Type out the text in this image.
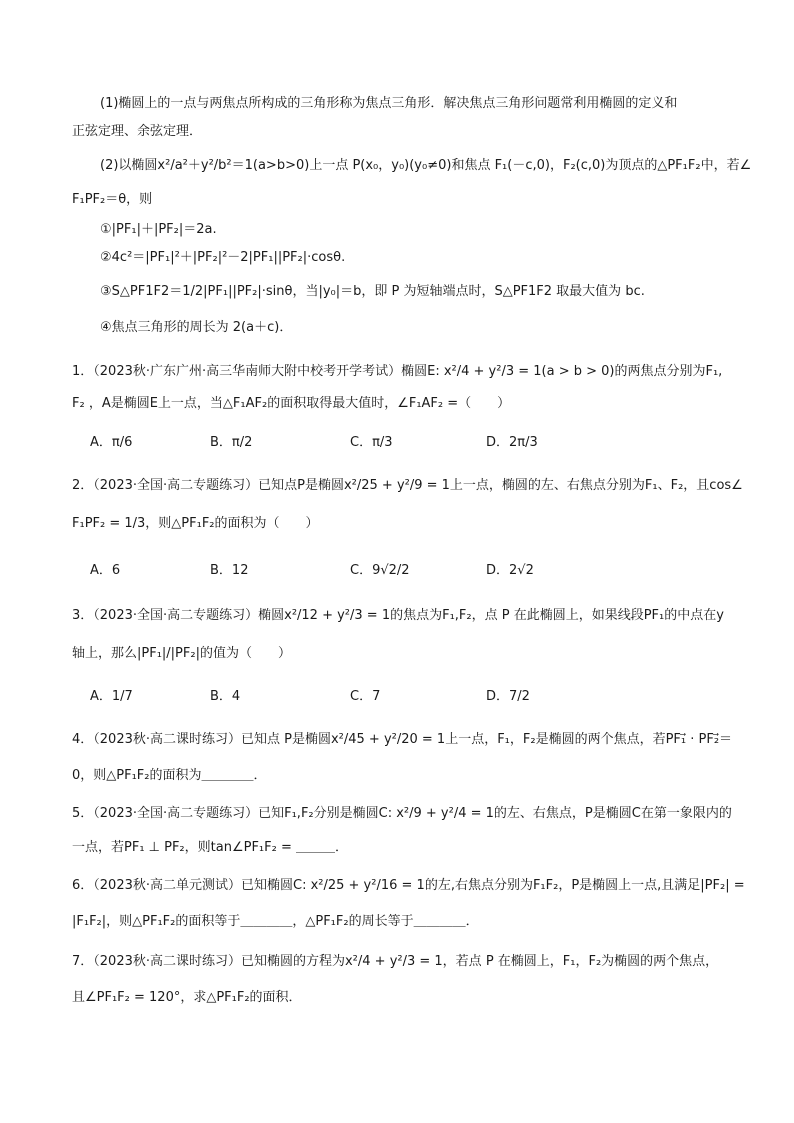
(1)椭圆上的一点与两焦点所构成的三角形称为焦点三角形．解决焦点三角形问题常利用椭圆的定义和
正弦定理、余弦定理．
(2)以椭圆x²/a²＋y²/b²＝1(a>b>0)上一点 P(x₀，y₀)(y₀≠0)和焦点 F₁(－c,0)，F₂(c,0)为顶点的△PF₁F₂中，若∠
F₁PF₂＝θ，则
①|PF₁|＋|PF₂|＝2a.
②4c²＝|PF₁|²＋|PF₂|²－2|PF₁||PF₂|·cosθ.
③S△PF1F2＝1/2|PF₁||PF₂|·sinθ，当|y₀|＝b，即 P 为短轴端点时，S△PF1F2 取最大值为 bc.
④焦点三角形的周长为 2(a＋c)．
1．（2023秋·广东广州·高三华南师大附中校考开学考试）椭圆E: x²/4 + y²/3 = 1(a > b > 0)的两焦点分别为F₁,
F₂ ，A是椭圆E上一点，当△F₁AF₂的面积取得最大值时，∠F₁AF₂ =（　　）
A．π/6	B．π/2	C．π/3	D．2π/3
2．（2023·全国·高二专题练习）已知点P是椭圆x²/25 + y²/9 = 1上一点，椭圆的左、右焦点分别为F₁、F₂，且cos∠
F₁PF₂ = 1/3，则△PF₁F₂的面积为（　　）
A．6	B．12	C．9√2/2	D．2√2
3．（2023·全国·高二专题练习）椭圆x²/12 + y²/3 = 1的焦点为F₁,F₂，点 P 在此椭圆上，如果线段PF₁的中点在y
轴上，那么|PF₁|/|PF₂|的值为（　　）
A．1/7	B．4	C．7	D．7/2
4．（2023秋·高二课时练习）已知点 P是椭圆x²/45 + y²/20 = 1上一点，F₁，F₂是椭圆的两个焦点，若PF₁⃗ · PF₂⃗＝
0，则△PF₁F₂的面积为＿＿＿＿．
5．（2023·全国·高二专题练习）已知F₁,F₂分别是椭圆C: x²/9 + y²/4 = 1的左、右焦点，P是椭圆C在第一象限内的
一点，若PF₁ ⊥ PF₂，则tan∠PF₁F₂ = ＿＿＿．
6．（2023秋·高二单元测试）已知椭圆C: x²/25 + y²/16 = 1的左,右焦点分别为F₁F₂，P是椭圆上一点,且满足|PF₂| =
|F₁F₂|，则△PF₁F₂的面积等于＿＿＿＿，△PF₁F₂的周长等于＿＿＿＿．
7．（2023秋·高二课时练习）已知椭圆的方程为x²/4 + y²/3 = 1，若点 P 在椭圆上，F₁，F₂为椭圆的两个焦点，
且∠PF₁F₂ = 120°，求△PF₁F₂的面积．
